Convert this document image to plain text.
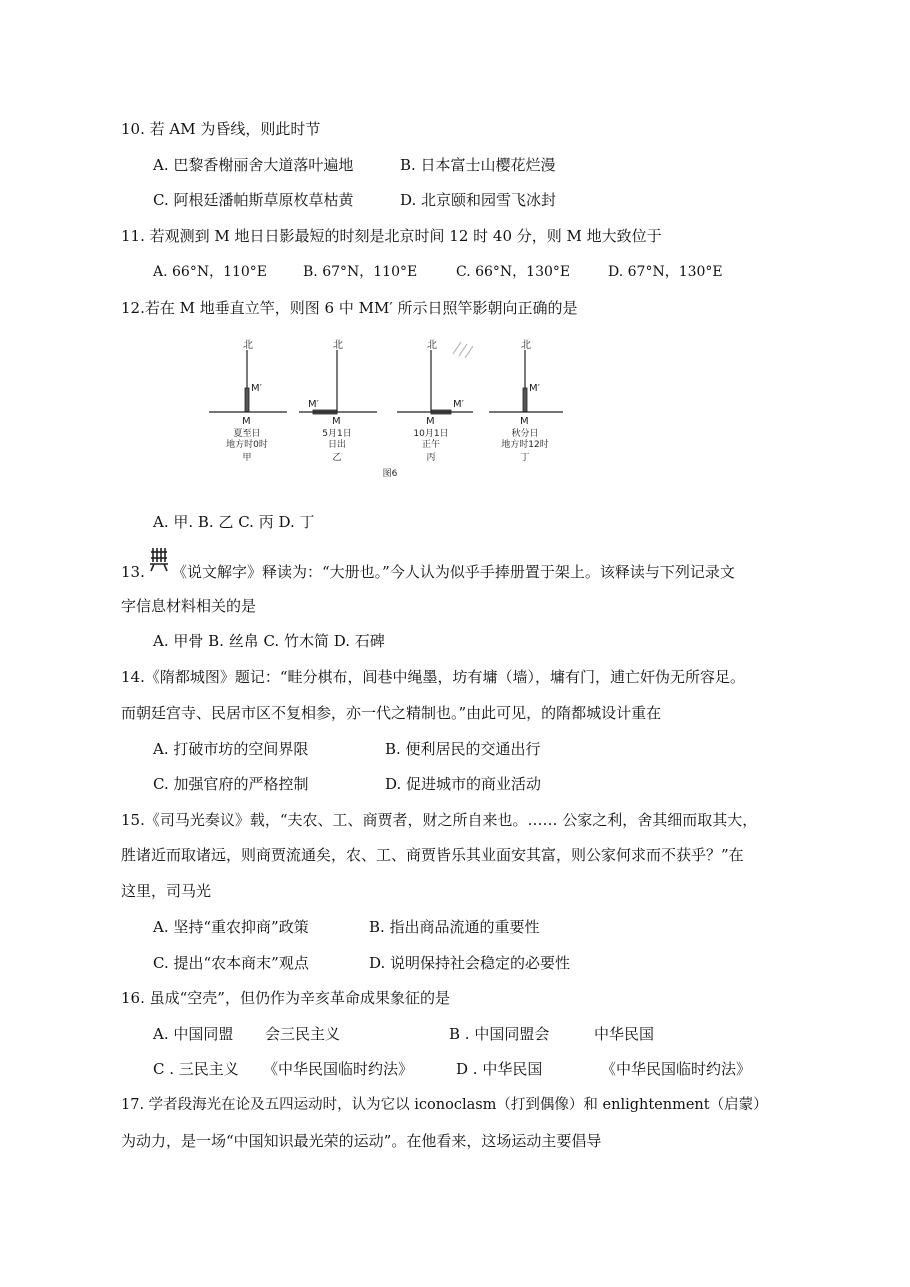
10. 若 AM 为昏线，则此时节
A. 巴黎香榭丽舍大道落叶遍地	B. 日本富士山樱花烂漫
C. 阿根廷潘帕斯草原枚草枯黄	D. 北京颐和园雪飞冰封
11. 若观测到 M 地日日影最短的时刻是北京时间 12 时 40 分，则 M 地大致位于
A. 66°N，110°E	B. 67°N，110°E	C. 66°N，130°E	D. 67°N，130°E
12.若在 M 地垂直立竿，则图 6 中 MM′ 所示日照竿影朝向正确的是
北
M′
M
夏至日
地方时0时
甲
北
M′
M
5月1日
日出
乙
北
M′
M
10月1日
正午
丙
北
M′
M
秋分日
地方时12时
丁
图6
A. 甲. B. 乙 C. 丙 D. 丁
13. 《说文解字》释读为：“大册也。”今人认为似乎手捧册置于架上。该释读与下列记录文
字信息材料相关的是
A. 甲骨 B. 丝帛 C. 竹木简 D. 石碑
14.《隋都城图》题记：“畦分棋布，闾巷中绳墨，坊有墉（墙），墉有门，逋亡奸伪无所容足。
而朝廷宫寺、民居市区不复相参，亦一代之精制也。”由此可见，的隋都城设计重在
A. 打破市坊的空间界限	B. 便利居民的交通出行
C. 加强官府的严格控制	D. 促进城市的商业活动
15.《司马光奏议》载，“夫农、工、商贾者，财之所自来也。…… 公家之利，舍其细而取其大，
胜诸近而取诸远，则商贾流通矣，农、工、商贾皆乐其业面安其富，则公家何求而不获乎？”在
这里，司马光
A. 坚持“重农抑商”政策	B. 指出商品流通的重要性
C. 提出“农本商末”观点	D. 说明保持社会稳定的必要性
16. 虽成“空壳”，但仍作为辛亥革命成果象征的是
A. 中国同盟 会三民主义	B . 中国同盟会	中华民国
C . 三民主义 《中华民国临时约法》	D . 中华民国	《中华民国临时约法》
17. 学者段海光在论及五四运动时，认为它以 iconoclasm（打到偶像）和 enlightenment（启蒙）
为动力，是一场“中国知识最光荣的运动”。在他看来，这场运动主要倡导
